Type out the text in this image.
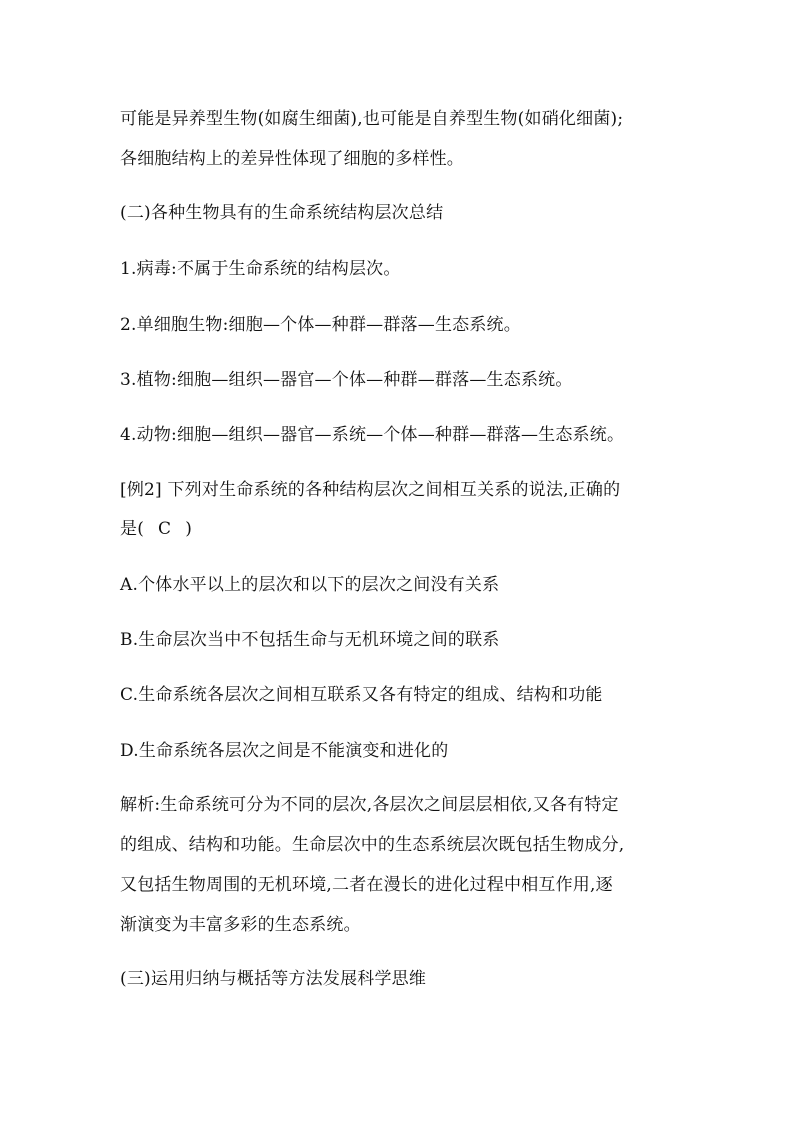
可能是异养型生物(如腐生细菌),也可能是自养型生物(如硝化细菌);
各细胞结构上的差异性体现了细胞的多样性。
(二)各种生物具有的生命系统结构层次总结
1.病毒:不属于生命系统的结构层次。
2.单细胞生物:细胞—个体—种群—群落—生态系统。
3.植物:细胞—组织—器官—个体—种群—群落—生态系统。
4.动物:细胞—组织—器官—系统—个体—种群—群落—生态系统。
[例2] 下列对生命系统的各种结构层次之间相互关系的说法,正确的
是( C )
A.个体水平以上的层次和以下的层次之间没有关系
B.生命层次当中不包括生命与无机环境之间的联系
C.生命系统各层次之间相互联系又各有特定的组成、结构和功能
D.生命系统各层次之间是不能演变和进化的
解析:生命系统可分为不同的层次,各层次之间层层相依,又各有特定
的组成、结构和功能。生命层次中的生态系统层次既包括生物成分,
又包括生物周围的无机环境,二者在漫长的进化过程中相互作用,逐
渐演变为丰富多彩的生态系统。
(三)运用归纳与概括等方法发展科学思维
